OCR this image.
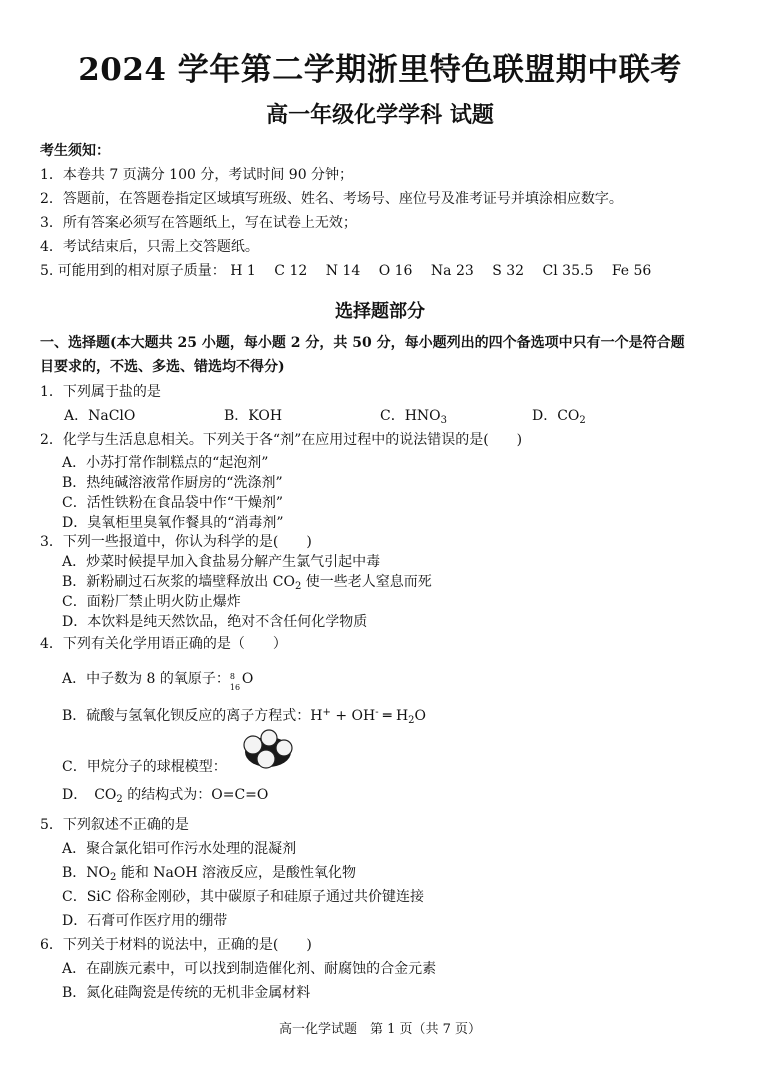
2024 学年第二学期浙里特色联盟期中联考
高一年级化学学科 试题
考生须知：
1．本卷共 7 页满分 100 分，考试时间 90 分钟；
2．答题前，在答题卷指定区域填写班级、姓名、考场号、座位号及准考证号并填涂相应数字。
3．所有答案必须写在答题纸上，写在试卷上无效；
4．考试结束后，只需上交答题纸。
5. 可能用到的相对原子质量： H 1 C 12 N 14 O 16 Na 23 S 32 Cl 35.5 Fe 56
选择题部分
一、选择题(本大题共 25 小题，每小题 2 分，共 50 分，每小题列出的四个备选项中只有一个是符合题
目要求的，不选、多选、错选均不得分)
1．下列属于盐的是
A．NaClO	B．KOH	C．$HNO_3$	D．$CO_2$
2．化学与生活息息相关。下列关于各“剂”在应用过程中的说法错误的是(　　)
A．小苏打常作制糕点的“起泡剂”
B．热纯碱溶液常作厨房的“洗涤剂”
C．活性铁粉在食品袋中作“干燥剂”
D．臭氧柜里臭氧作餐具的“消毒剂”
3．下列一些报道中，你认为科学的是(　　)
A．炒菜时候提早加入食盐易分解产生氯气引起中毒
B．新粉刷过石灰浆的墙壁释放出 $CO_2$ 使一些老人窒息而死
C．面粉厂禁止明火防止爆炸
D．本饮料是纯天然饮品，绝对不含任何化学物质
4．下列有关化学用语正确的是（　　）
A．中子数为 8 的氧原子： 8
16
O
B．硫酸与氢氧化钡反应的离子方程式：H+ + OH- ═ $H_2O$
C．甲烷分子的球棍模型：
D．　$CO_2$ 的结构式为：O=C=O
5．下列叙述不正确的是
A．聚合氯化铝可作污水处理的混凝剂
B．$NO_2$ 能和 NaOH 溶液反应，是酸性氧化物
C．SiC 俗称金刚砂，其中碳原子和硅原子通过共价键连接
D．石膏可作医疗用的绷带
6．下列关于材料的说法中，正确的是(　　)
A．在副族元素中，可以找到制造催化剂、耐腐蚀的合金元素
B．氮化硅陶瓷是传统的无机非金属材料
高一化学试题　第 1 页（共 7 页）
